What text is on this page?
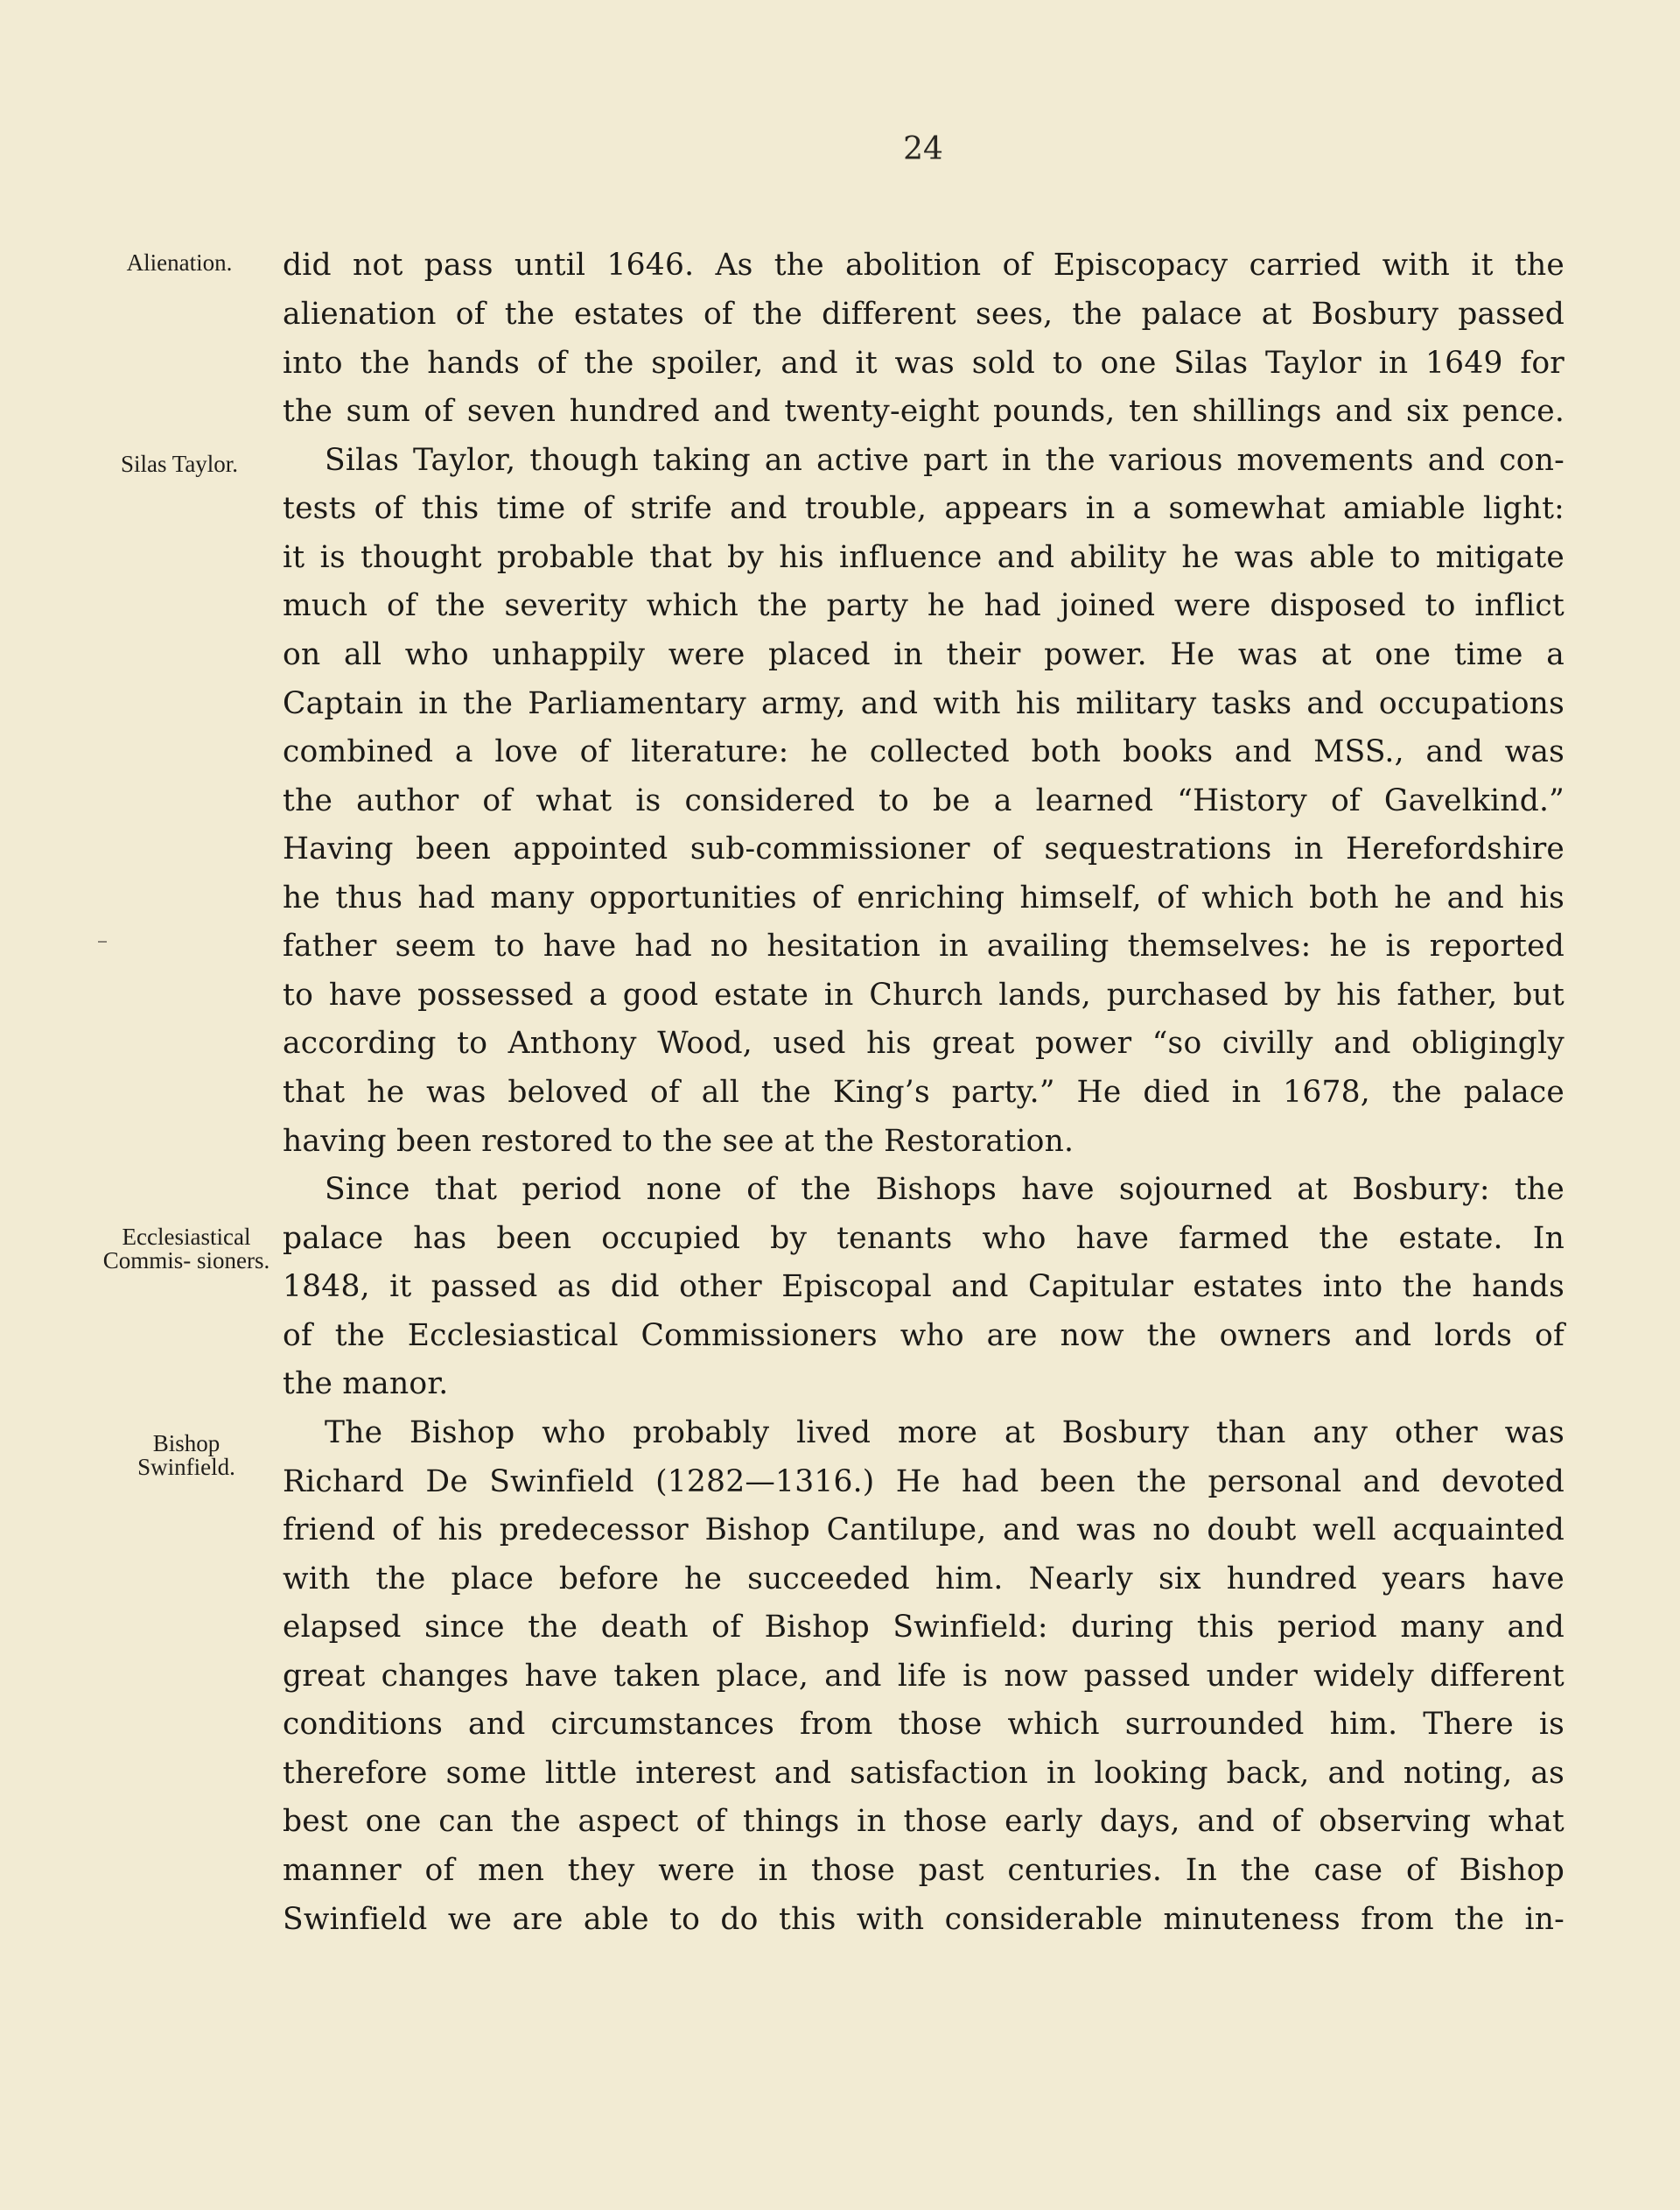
24
Alienation.
Silas Taylor.
Ecclesiastical Commis- sioners.
Bishop Swinfield.
did not pass until 1646. As the abolition of Episcopacy carried with it the
alienation of the estates of the different sees, the palace at Bosbury passed
into the hands of the spoiler, and it was sold to one Silas Taylor in 1649 for
the sum of seven hundred and twenty-eight pounds, ten shillings and six pence.
Silas Taylor, though taking an active part in the various movements and con-
tests of this time of strife and trouble, appears in a somewhat amiable light:
it is thought probable that by his influence and ability he was able to mitigate
much of the severity which the party he had joined were disposed to inflict
on all who unhappily were placed in their power. He was at one time a
Captain in the Parliamentary army, and with his military tasks and occupations
combined a love of literature: he collected both books and MSS., and was
the author of what is considered to be a learned “History of Gavelkind.”
Having been appointed sub-commissioner of sequestrations in Herefordshire
he thus had many opportunities of enriching himself, of which both he and his
father seem to have had no hesitation in availing themselves: he is reported
to have possessed a good estate in Church lands, purchased by his father, but
according to Anthony Wood, used his great power “so civilly and obligingly
that he was beloved of all the King’s party.” He died in 1678, the palace
having been restored to the see at the Restoration.
Since that period none of the Bishops have sojourned at Bosbury: the
palace has been occupied by tenants who have farmed the estate. In
1848, it passed as did other Episcopal and Capitular estates into the hands
of the Ecclesiastical Commissioners who are now the owners and lords of
the manor.
The Bishop who probably lived more at Bosbury than any other was
Richard De Swinfield (1282—1316.) He had been the personal and devoted
friend of his predecessor Bishop Cantilupe, and was no doubt well acquainted
with the place before he succeeded him. Nearly six hundred years have
elapsed since the death of Bishop Swinfield: during this period many and
great changes have taken place, and life is now passed under widely different
conditions and circumstances from those which surrounded him. There is
therefore some little interest and satisfaction in looking back, and noting, as
best one can the aspect of things in those early days, and of observing what
manner of men they were in those past centuries. In the case of Bishop
Swinfield we are able to do this with considerable minuteness from the in-
